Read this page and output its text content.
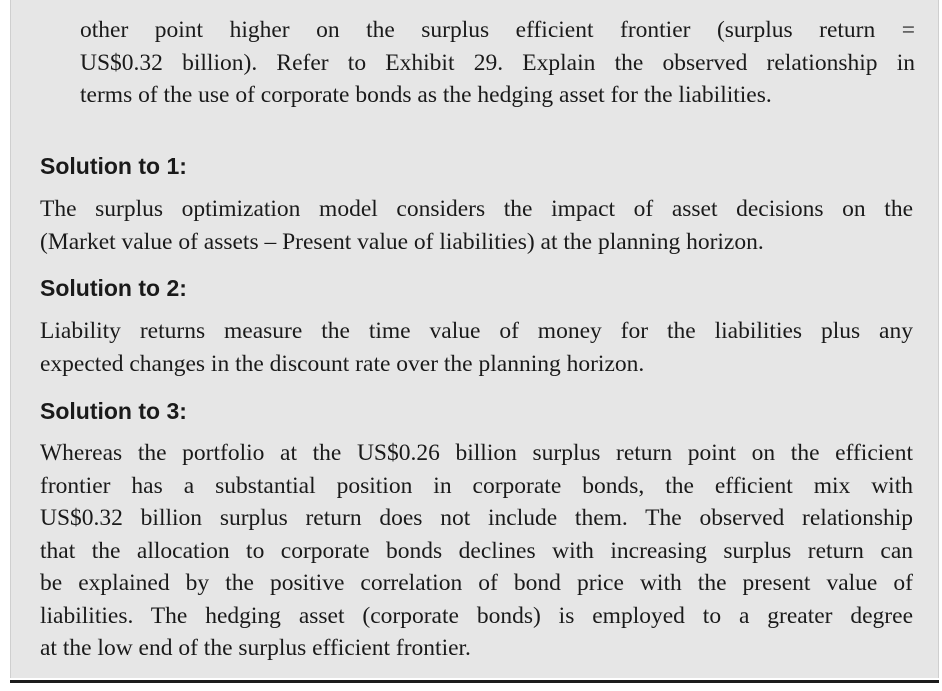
other point higher on the surplus efficient frontier (surplus return =
US$0.32 billion). Refer to Exhibit 29. Explain the observed relationship in
terms of the use of corporate bonds as the hedging asset for the liabilities.
Solution to 1:
The surplus optimization model considers the impact of asset decisions on the
(Market value of assets – Present value of liabilities) at the planning horizon.
Solution to 2:
Liability returns measure the time value of money for the liabilities plus any
expected changes in the discount rate over the planning horizon.
Solution to 3:
Whereas the portfolio at the US$0.26 billion surplus return point on the efficient
frontier has a substantial position in corporate bonds, the efficient mix with
US$0.32 billion surplus return does not include them. The observed relationship
that the allocation to corporate bonds declines with increasing surplus return can
be explained by the positive correlation of bond price with the present value of
liabilities. The hedging asset (corporate bonds) is employed to a greater degree
at the low end of the surplus efficient frontier.
